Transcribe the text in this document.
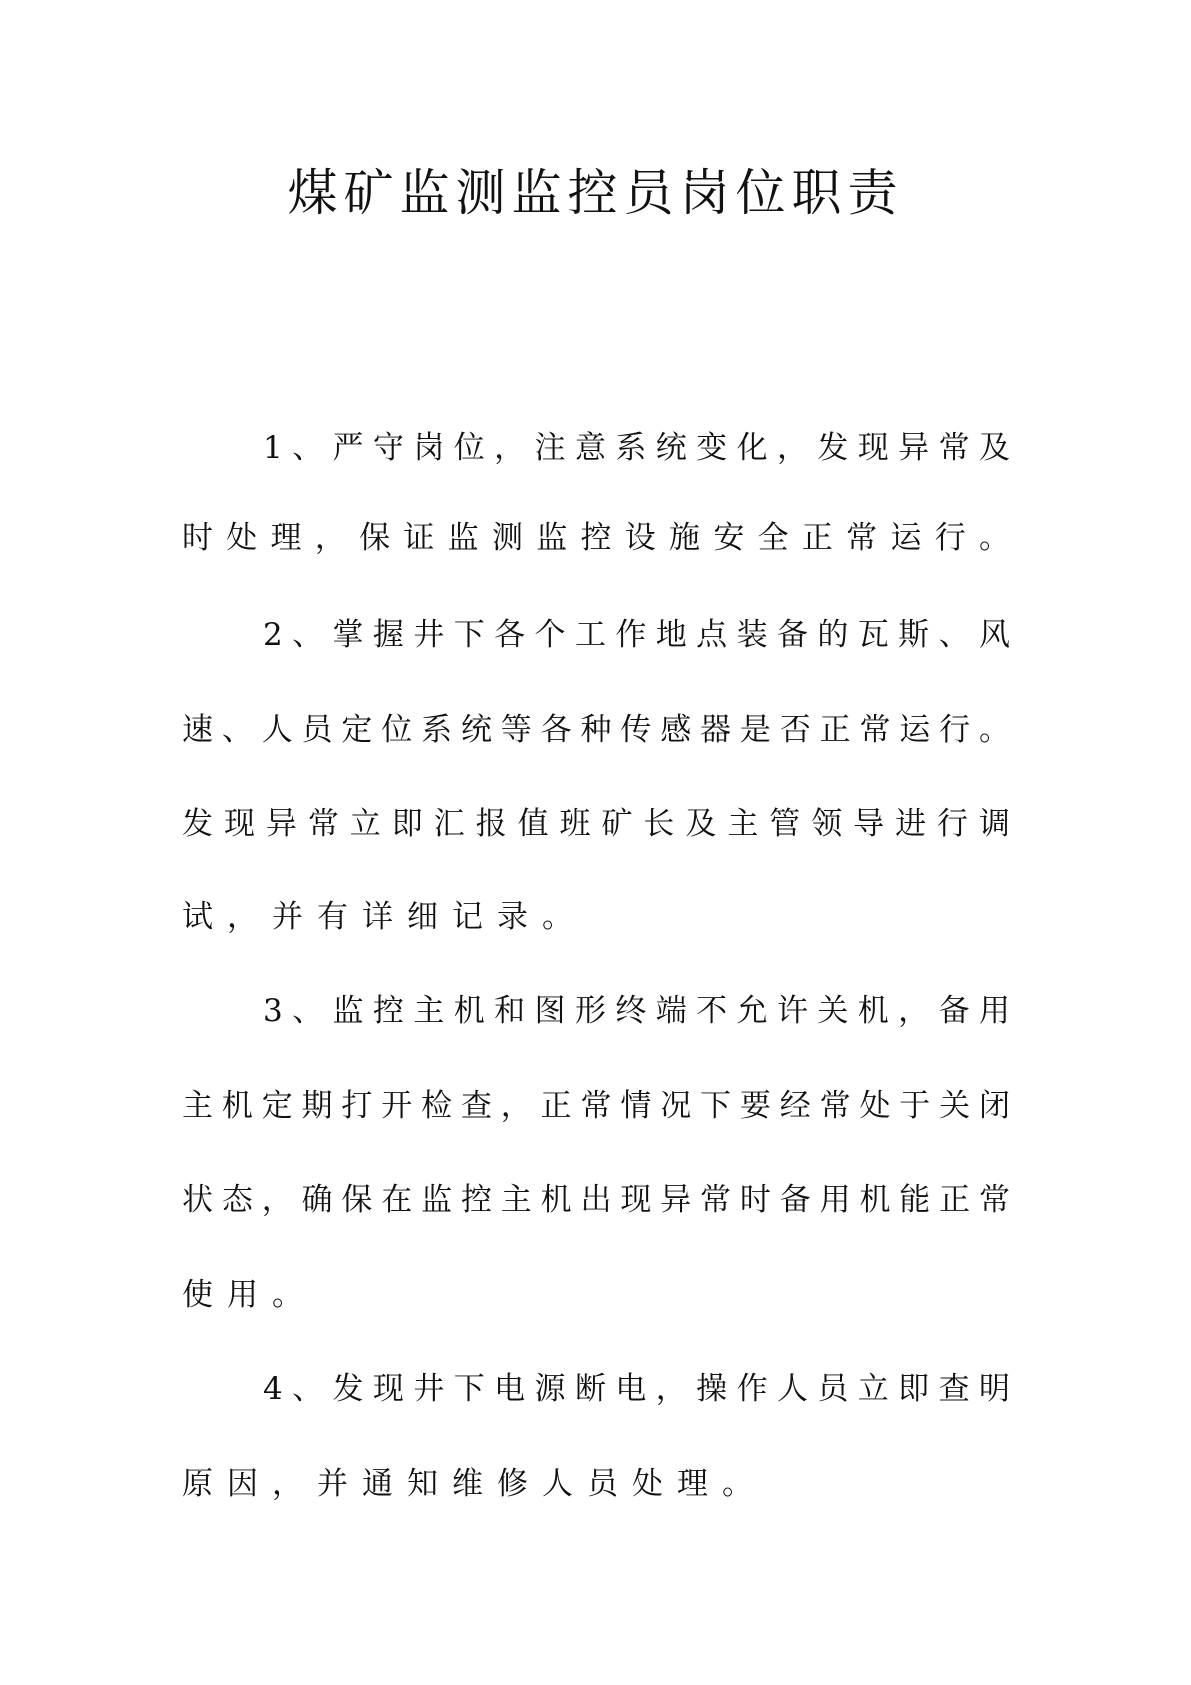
煤矿监测监控员岗位职责

1、严守岗位，注意系统变化，发现异常及

时处理，保证监测监控设施安全正常运行。

2、掌握井下各个工作地点装备的瓦斯、风

速、人员定位系统等各种传感器是否正常运行。

发现异常立即汇报值班矿长及主管领导进行调

试，并有详细记录。

3、监控主机和图形终端不允许关机，备用

主机定期打开检查，正常情况下要经常处于关闭

状态，确保在监控主机出现异常时备用机能正常

使用。

4、发现井下电源断电，操作人员立即查明

原因，并通知维修人员处理。
